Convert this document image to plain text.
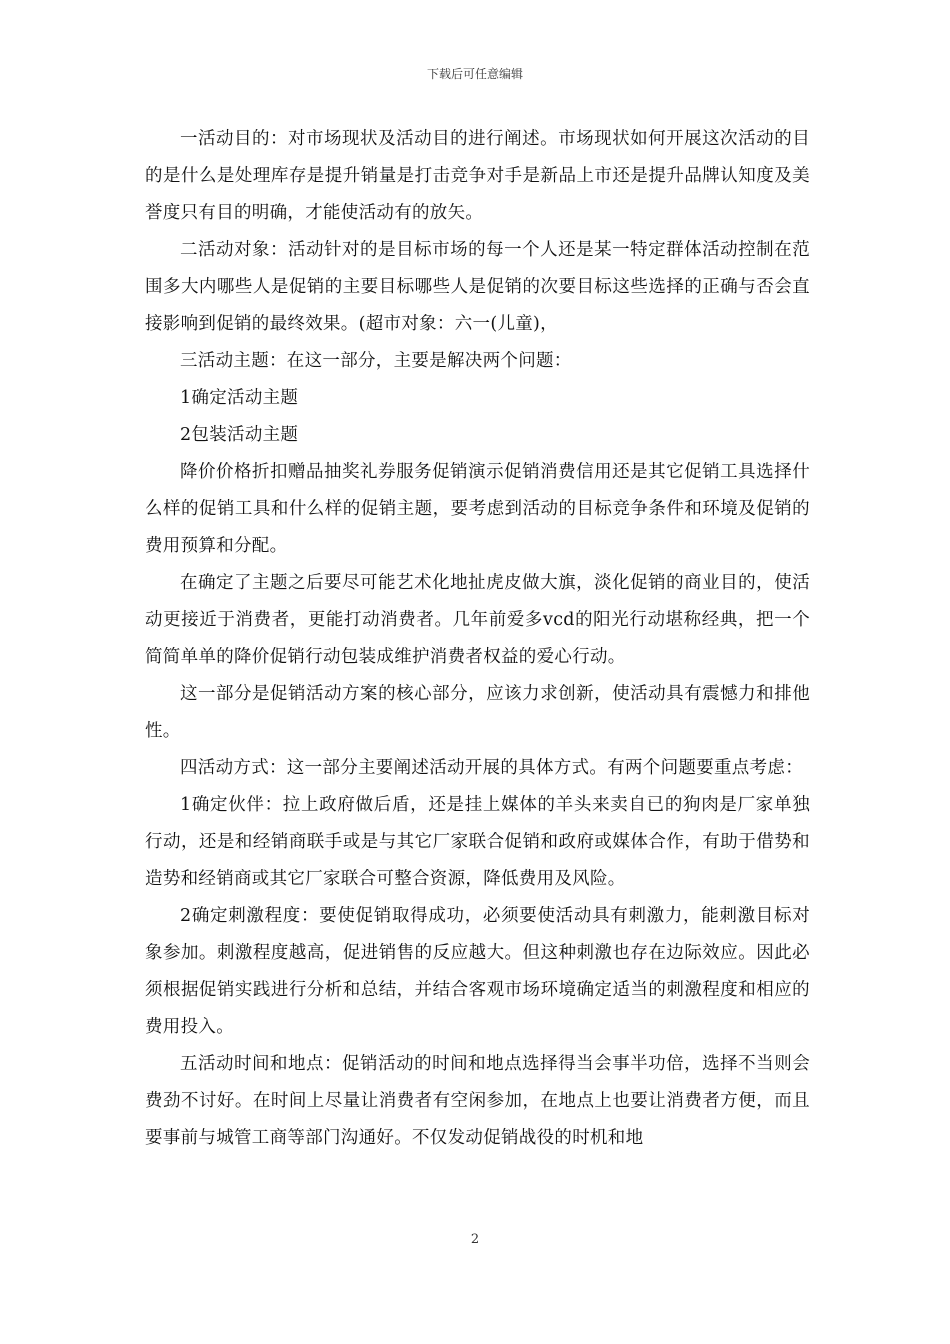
下载后可任意编辑

一活动目的：对市场现状及活动目的进行阐述。市场现状如何开展这次活动的目的是什么是处理库存是提升销量是打击竞争对手是新品上市还是提升品牌认知度及美誉度只有目的明确，才能使活动有的放矢。

二活动对象：活动针对的是目标市场的每一个人还是某一特定群体活动控制在范围多大内哪些人是促销的主要目标哪些人是促销的次要目标这些选择的正确与否会直接影响到促销的最终效果。(超市对象：六一(儿童)，

三活动主题：在这一部分，主要是解决两个问题：

1确定活动主题

2包装活动主题

降价价格折扣赠品抽奖礼券服务促销演示促销消费信用还是其它促销工具选择什么样的促销工具和什么样的促销主题，要考虑到活动的目标竞争条件和环境及促销的费用预算和分配。

在确定了主题之后要尽可能艺术化地扯虎皮做大旗，淡化促销的商业目的，使活动更接近于消费者，更能打动消费者。几年前爱多vcd的阳光行动堪称经典，把一个简简单单的降价促销行动包装成维护消费者权益的爱心行动。

这一部分是促销活动方案的核心部分，应该力求创新，使活动具有震憾力和排他性。

四活动方式：这一部分主要阐述活动开展的具体方式。有两个问题要重点考虑：

1确定伙伴：拉上政府做后盾，还是挂上媒体的羊头来卖自已的狗肉是厂家单独行动，还是和经销商联手或是与其它厂家联合促销和政府或媒体合作，有助于借势和造势和经销商或其它厂家联合可整合资源，降低费用及风险。

2确定刺激程度：要使促销取得成功，必须要使活动具有刺激力，能刺激目标对象参加。刺激程度越高，促进销售的反应越大。但这种刺激也存在边际效应。因此必须根据促销实践进行分析和总结，并结合客观市场环境确定适当的刺激程度和相应的费用投入。

五活动时间和地点：促销活动的时间和地点选择得当会事半功倍，选择不当则会费劲不讨好。在时间上尽量让消费者有空闲参加，在地点上也要让消费者方便，而且要事前与城管工商等部门沟通好。不仅发动促销战役的时机和地

2
